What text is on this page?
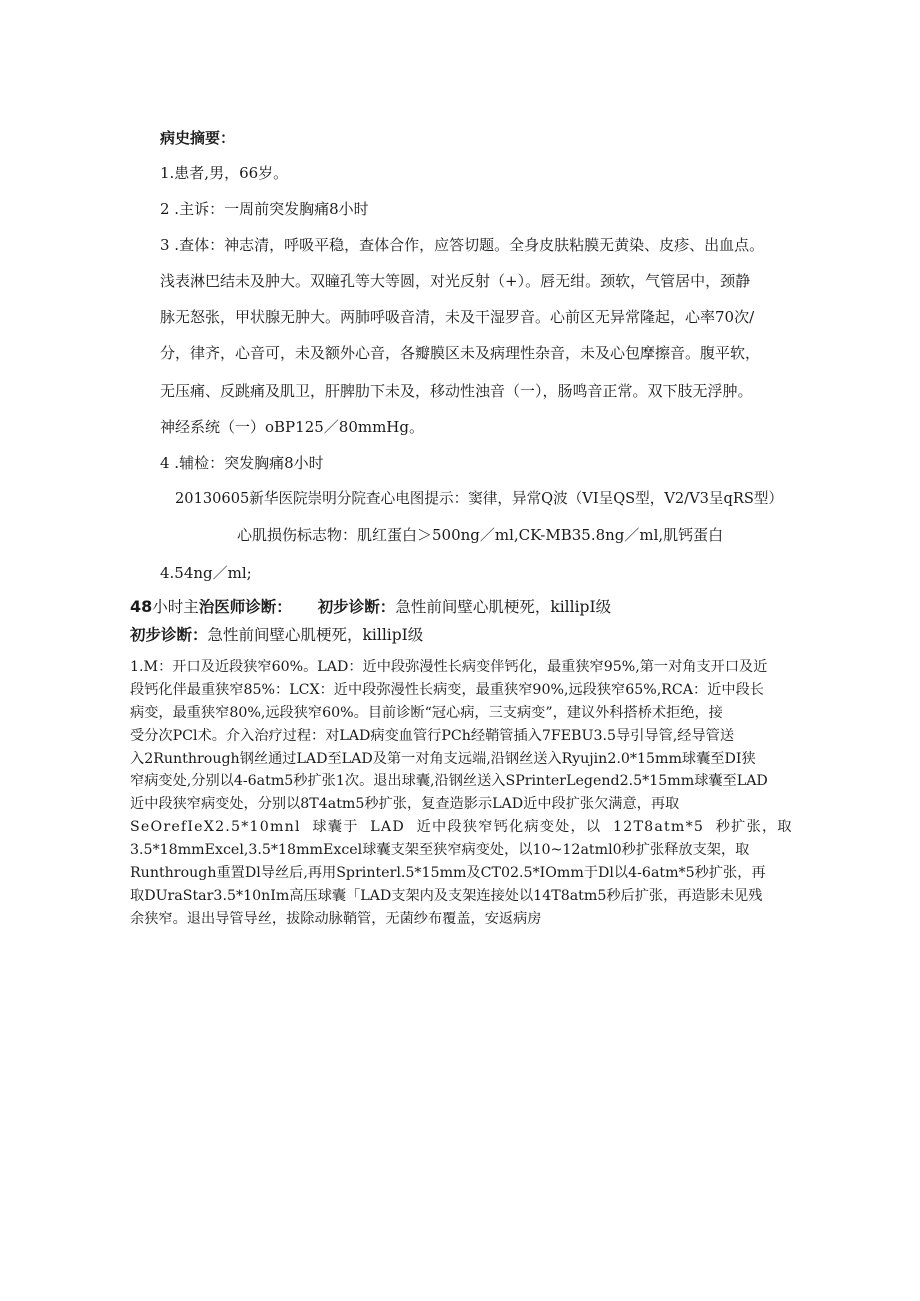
病史摘要：
1.患者,男，66岁。
2 .主诉：一周前突发胸痛8小时
3 .查体：神志清，呼吸平稳，查体合作，应答切题。全身皮肤粘膜无黄染、皮疹、出血点。
浅表淋巴结未及肿大。双瞳孔等大等圆，对光反射（+）。唇无绀。颈软，气管居中，颈静
脉无怒张，甲状腺无肿大。两肺呼吸音清，未及干湿罗音。心前区无异常隆起，心率70次/
分，律齐，心音可，未及额外心音，各瓣膜区未及病理性杂音，未及心包摩擦音。腹平软，
无压痛、反跳痛及肌卫，肝脾肋下未及，移动性浊音（一），肠鸣音正常。双下肢无浮肿。
神经系统（一）oBP125／80mmHg。
4 .辅检：突发胸痛8小时
20130605新华医院崇明分院查心电图提示：窦律，异常Q波（VI呈QS型，V2/V3呈qRS型）
心肌损伤标志物：肌红蛋白＞500ng／ml,CK-MB35.8ng／ml,肌钙蛋白
4.54ng／ml;
48小时主治医师诊断： 初步诊断：急性前间壁心肌梗死，killipI级
初步诊断：急性前间壁心肌梗死，killipI级
1.M：开口及近段狭窄60%。LAD：近中段弥漫性长病变伴钙化，最重狭窄95%,第一对角支开口及近
段钙化伴最重狭窄85%：LCX：近中段弥漫性长病变，最重狭窄90%,远段狭窄65%,RCA：近中段长
病变，最重狭窄80%,远段狭窄60%。目前诊断“冠心病，三支病变”，建议外科搭桥术拒绝，接
受分次PCl术。介入治疗过程：对LAD病变血管行PCh经鞘管插入7FEBU3.5导引导管,经导管送
入2Runthrough钢丝通过LAD至LAD及第一对角支远端,沿钢丝送入Ryujin2.0*15mm球囊至DI狭
窄病变处,分别以4-6atm5秒扩张1次。退出球囊,沿钢丝送入SPrinterLegend2.5*15mm球囊至LAD
近中段狭窄病变处，分别以8T4atm5秒扩张，复查造影示LAD近中段扩张欠满意，再取
SeOrefIeX2.5*10mnl 球囊于 LAD 近中段狭窄钙化病变处，以 12T8atm*5 秒扩张，取
3.5*18mmExcel,3.5*18mmExcel球囊支架至狭窄病变处，以10~12atml0秒扩张释放支架，取
Runthrough重置Dl导丝后,再用Sprinterl.5*15mm及CT02.5*IOmm于Dl以4-6atm*5秒扩张，再
取DUraStar3.5*10nIm高压球囊「LAD支架内及支架连接处以14T8atm5秒后扩张，再造影未见残
余狭窄。退出导管导丝，拔除动脉鞘管，无菌纱布覆盖，安返病房
